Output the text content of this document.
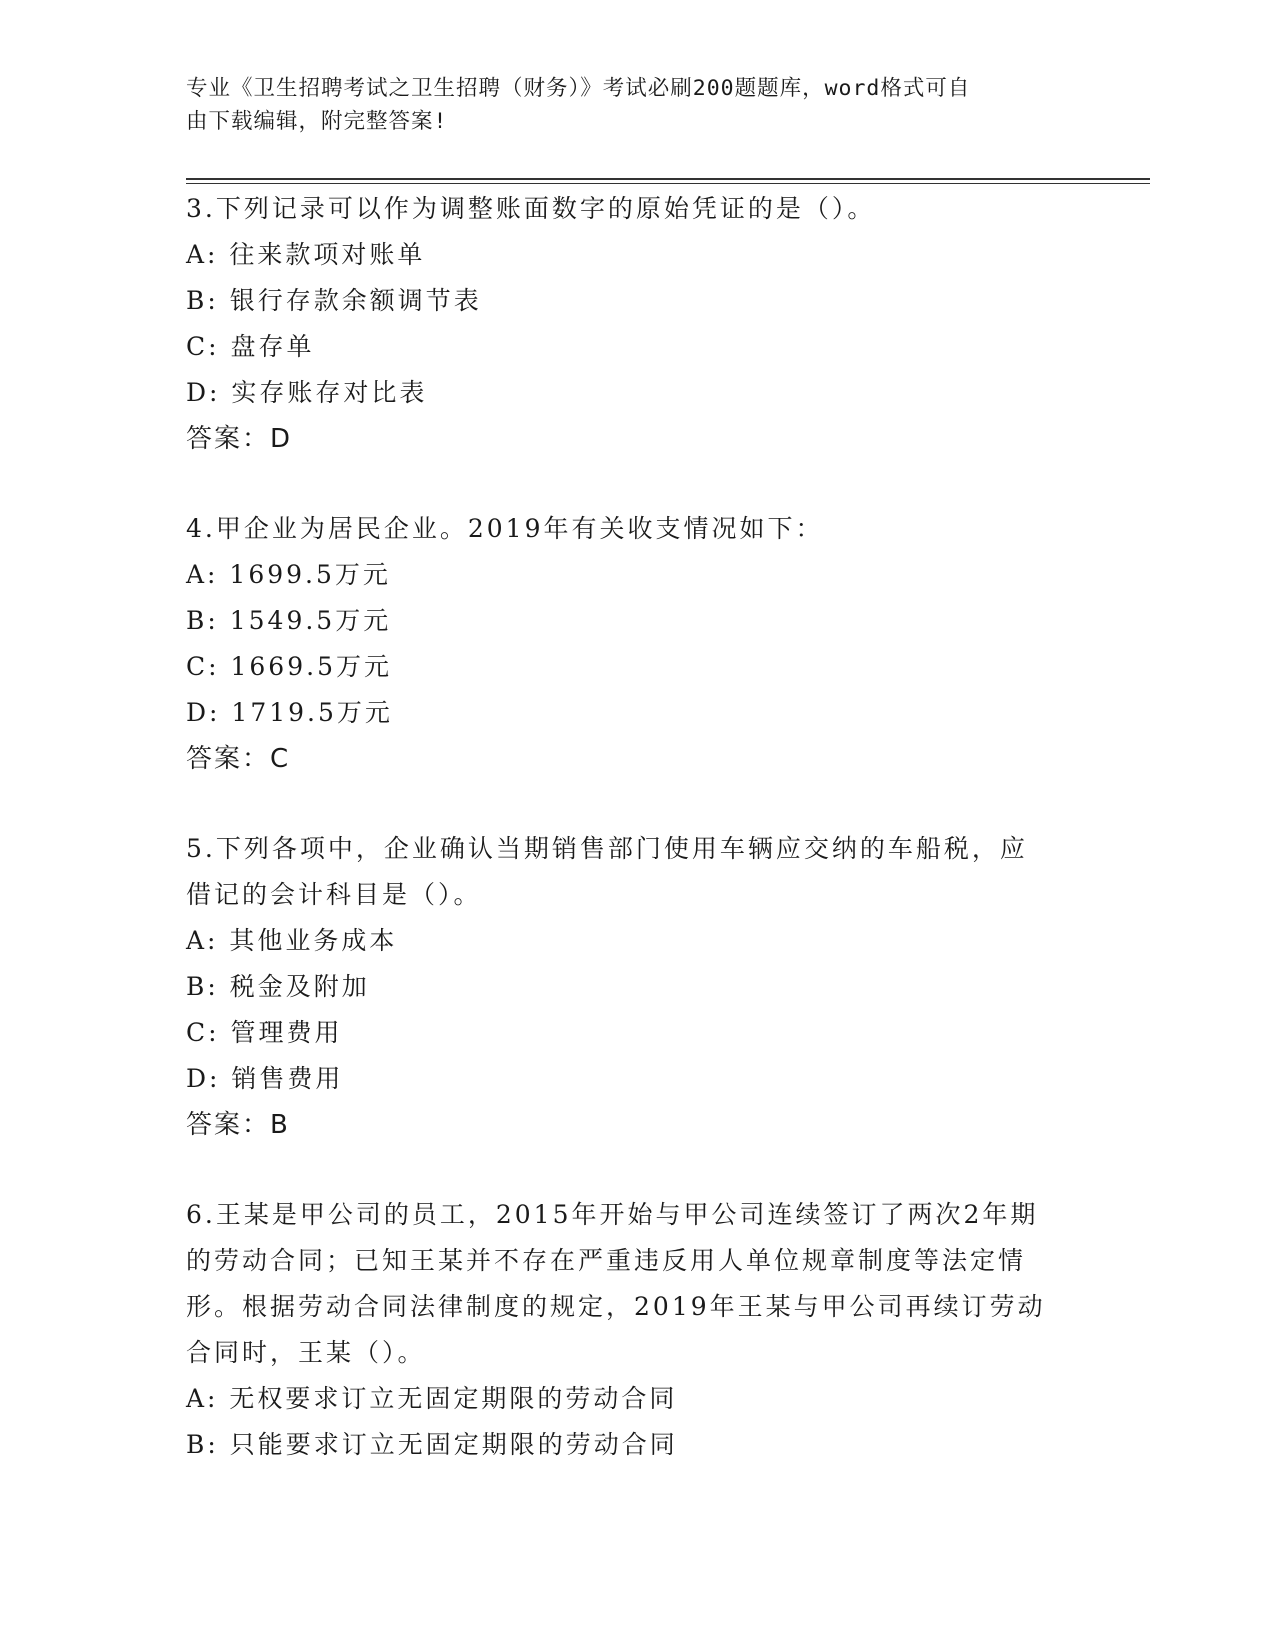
专业《卫生招聘考试之卫生招聘（财务）》考试必刷200题题库，word格式可自
由下载编辑，附完整答案!
3.下列记录可以作为调整账面数字的原始凭证的是（）。
A: 往来款项对账单
B: 银行存款余额调节表
C: 盘存单
D: 实存账存对比表
答案：D
4.甲企业为居民企业。2019年有关收支情况如下：
A: 1699.5万元
B: 1549.5万元
C: 1669.5万元
D: 1719.5万元
答案：C
5.下列各项中，企业确认当期销售部门使用车辆应交纳的车船税，应
借记的会计科目是（）。
A: 其他业务成本
B: 税金及附加
C: 管理费用
D: 销售费用
答案：B
6.王某是甲公司的员工，2015年开始与甲公司连续签订了两次2年期
的劳动合同；已知王某并不存在严重违反用人单位规章制度等法定情
形。根据劳动合同法律制度的规定，2019年王某与甲公司再续订劳动
合同时，王某（）。
A: 无权要求订立无固定期限的劳动合同
B: 只能要求订立无固定期限的劳动合同
